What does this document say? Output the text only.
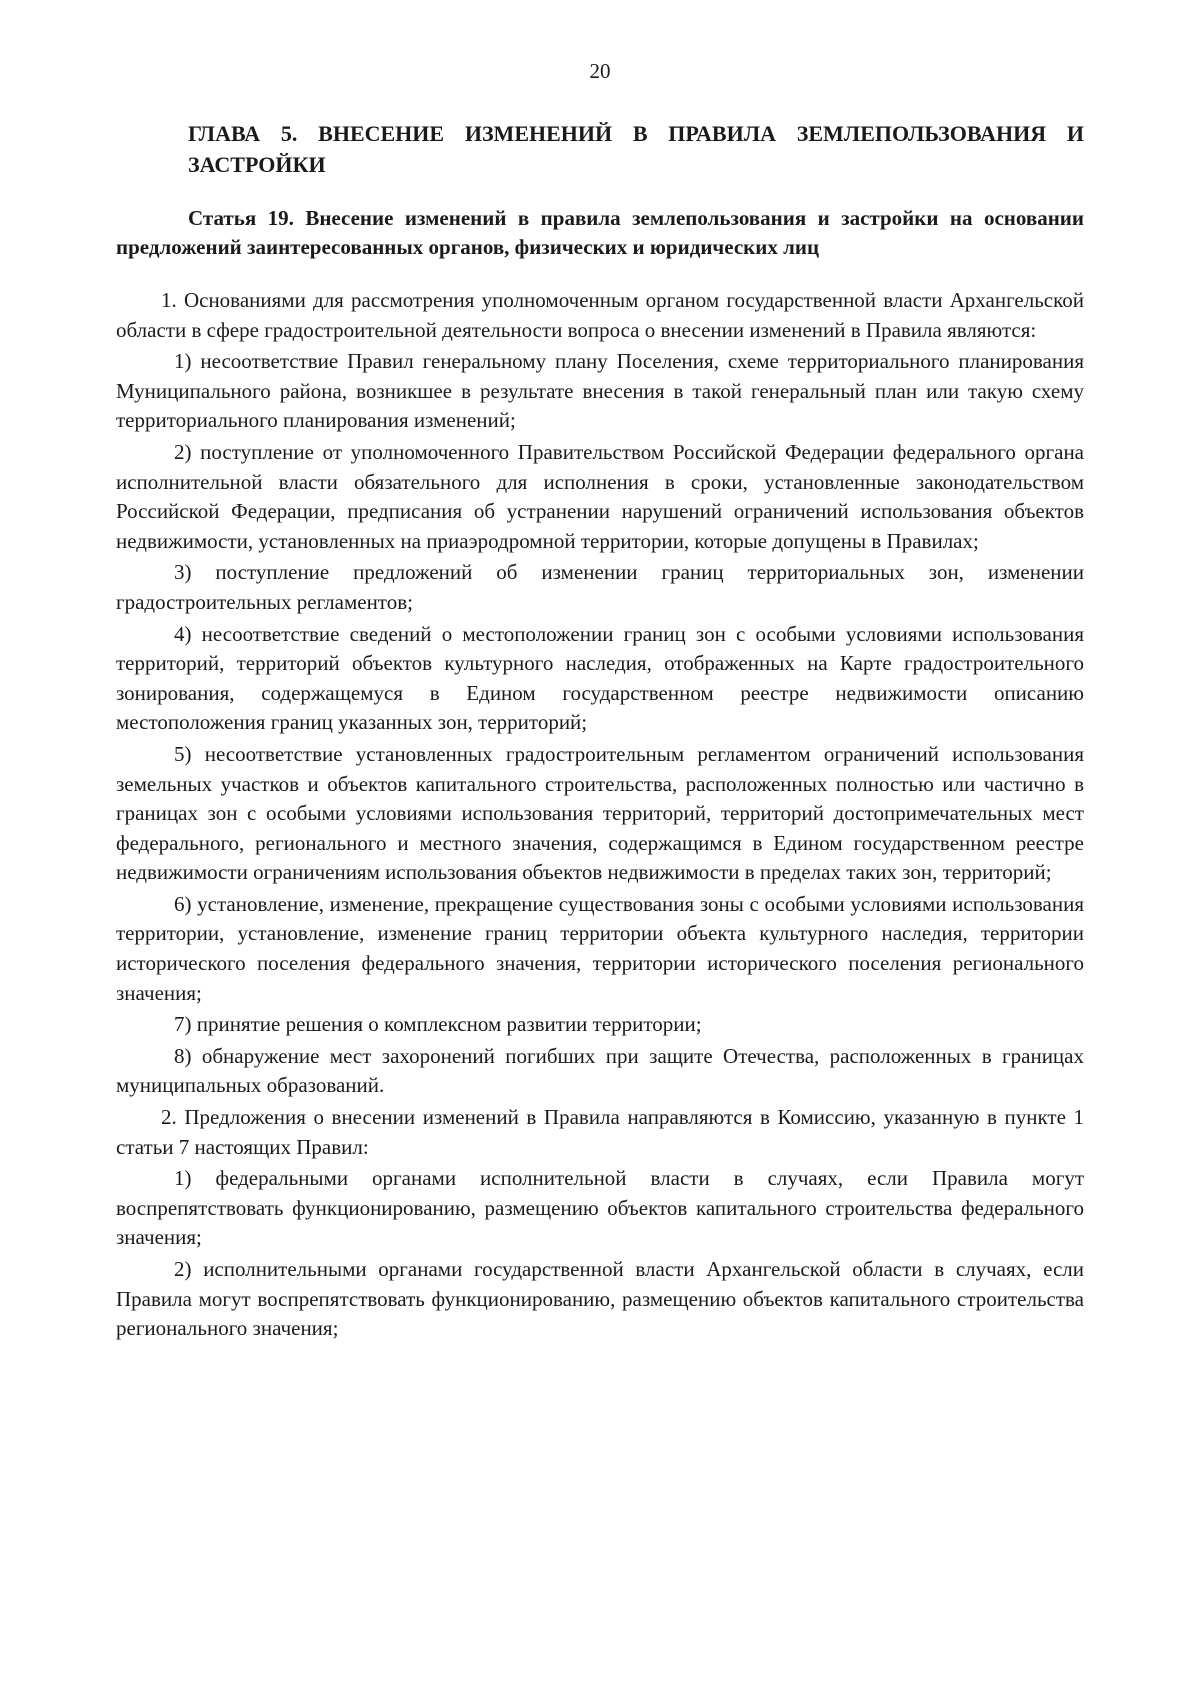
20

ГЛАВА 5. ВНЕСЕНИЕ ИЗМЕНЕНИЙ В ПРАВИЛА ЗЕМЛЕПОЛЬЗОВАНИЯ И ЗАСТРОЙКИ

Статья 19. Внесение изменений в правила землепользования и застройки на основании предложений заинтересованных органов, физических и юридических лиц

1. Основаниями для рассмотрения уполномоченным органом государственной власти Архангельской области в сфере градостроительной деятельности вопроса о внесении изменений в Правила являются:

1) несоответствие Правил генеральному плану Поселения, схеме территориального планирования Муниципального района, возникшее в результате внесения в такой генеральный план или такую схему территориального планирования изменений;

2) поступление от уполномоченного Правительством Российской Федерации федерального органа исполнительной власти обязательного для исполнения в сроки, установленные законодательством Российской Федерации, предписания об устранении нарушений ограничений использования объектов недвижимости, установленных на приаэродромной территории, которые допущены в Правилах;

3) поступление предложений об изменении границ территориальных зон, изменении градостроительных регламентов;

4) несоответствие сведений о местоположении границ зон с особыми условиями использования территорий, территорий объектов культурного наследия, отображенных на Карте градостроительного зонирования, содержащемуся в Едином государственном реестре недвижимости описанию местоположения границ указанных зон, территорий;

5) несоответствие установленных градостроительным регламентом ограничений использования земельных участков и объектов капитального строительства, расположенных полностью или частично в границах зон с особыми условиями использования территорий, территорий достопримечательных мест федерального, регионального и местного значения, содержащимся в Едином государственном реестре недвижимости ограничениям использования объектов недвижимости в пределах таких зон, территорий;

6) установление, изменение, прекращение существования зоны с особыми условиями использования территории, установление, изменение границ территории объекта культурного наследия, территории исторического поселения федерального значения, территории исторического поселения регионального значения;

7) принятие решения о комплексном развитии территории;

8) обнаружение мест захоронений погибших при защите Отечества, расположенных в границах муниципальных образований.

2. Предложения о внесении изменений в Правила направляются в Комиссию, указанную в пункте 1 статьи 7 настоящих Правил:

1) федеральными органами исполнительной власти в случаях, если Правила могут воспрепятствовать функционированию, размещению объектов капитального строительства федерального значения;

2) исполнительными органами государственной власти Архангельской области в случаях, если Правила могут воспрепятствовать функционированию, размещению объектов капитального строительства регионального значения;
